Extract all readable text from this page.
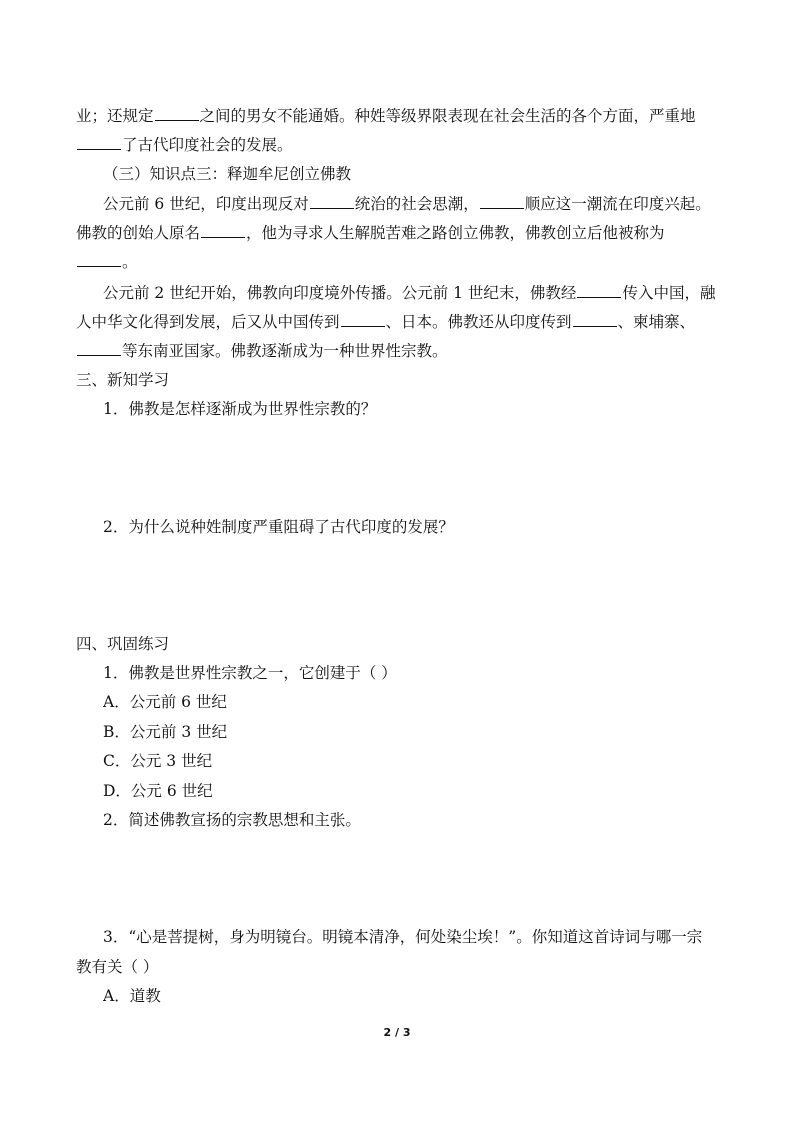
业；还规定	之间的男女不能通婚。种姓等级界限表现在社会生活的各个方面，严重地
了古代印度社会的发展。
（三）知识点三：释迦牟尼创立佛教
公元前 6 世纪，印度出现反对	统治的社会思潮，	顺应这一潮流在印度兴起。
佛教的创始人原名	，他为寻求人生解脱苦难之路创立佛教，佛教创立后他被称为
。
公元前 2 世纪开始，佛教向印度境外传播。公元前 1 世纪末，佛教经	传入中国，融
人中华文化得到发展，后又从中国传到	、日本。佛教还从印度传到	、柬埔寨、
等东南亚国家。佛教逐渐成为一种世界性宗教。
三、新知学习
1．佛教是怎样逐渐成为世界性宗教的？
2．为什么说种姓制度严重阻碍了古代印度的发展？
四、巩固练习
1．佛教是世界性宗教之一，它创建于（ ）
A．公元前 6 世纪
B．公元前 3 世纪
C．公元 3 世纪
D．公元 6 世纪
2．简述佛教宣扬的宗教思想和主张。
3．“心是菩提树，身为明镜台。明镜本清净，何处染尘埃！”。你知道这首诗词与哪一宗
教有关（ ）
A．道教
2 / 3
